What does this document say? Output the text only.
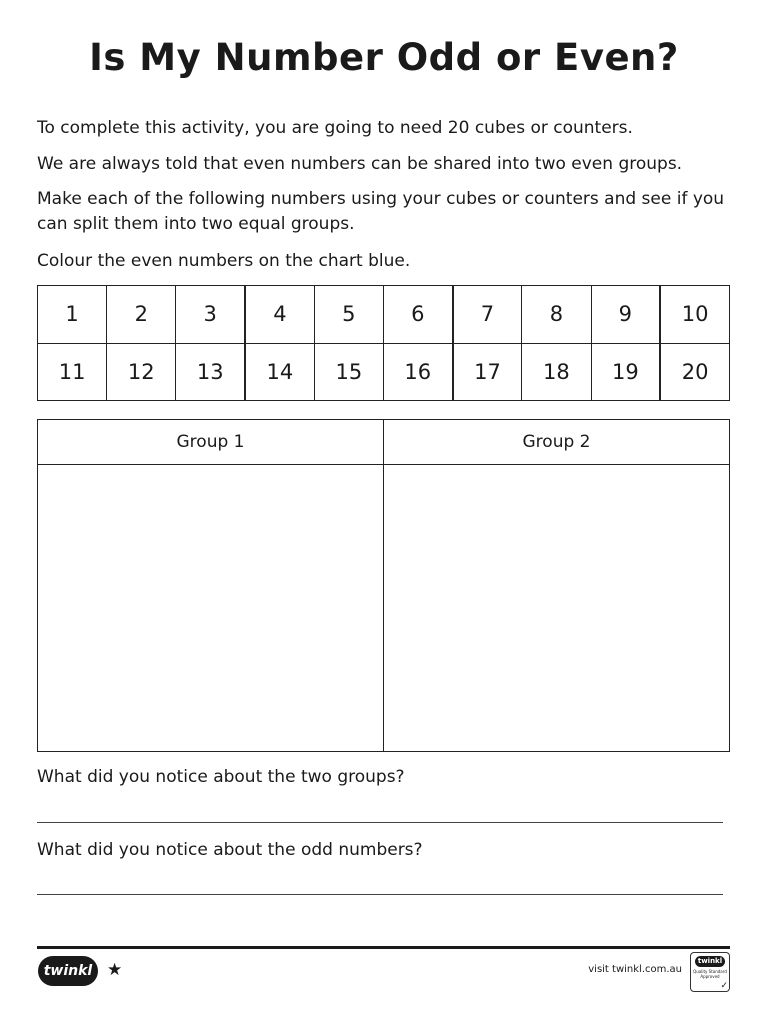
Is My Number Odd or Even?

To complete this activity, you are going to need 20 cubes or counters.

We are always told that even numbers can be shared into two even groups.

Make each of the following numbers using your cubes or counters and see if you can split them into two equal groups.

Colour the even numbers on the chart blue.

1	2	3	4	5	6	7	8	9	10
11	12	13	14	15	16	17	18	19	20
Group 1	Group 2

What did you notice about the two groups?

What did you notice about the odd numbers?

twinkl ★	visit twinkl.com.au
twinkl
Quality Standard Approved
✓
